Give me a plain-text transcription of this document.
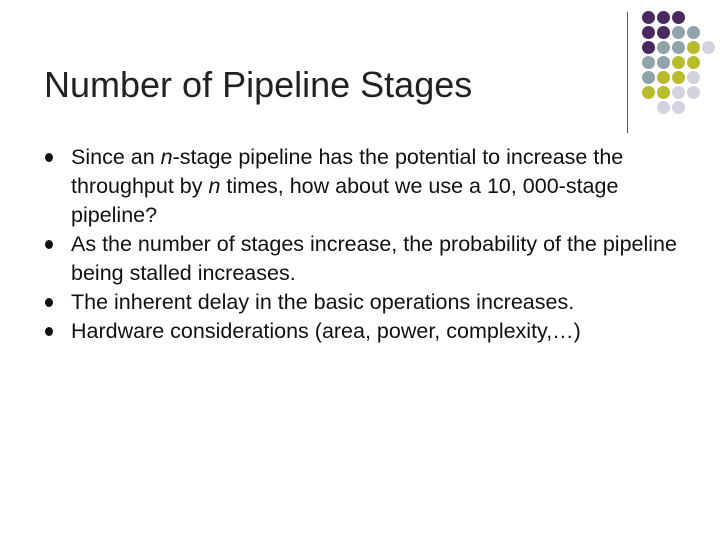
Number of Pipeline Stages
Since an n-stage pipeline has the potential to increase the throughput by n times, how about we use a 10, 000-stage pipeline?
As the number of stages increase, the probability of the pipeline being stalled increases.
The inherent delay in the basic operations increases.
Hardware considerations (area, power, complexity,…)
